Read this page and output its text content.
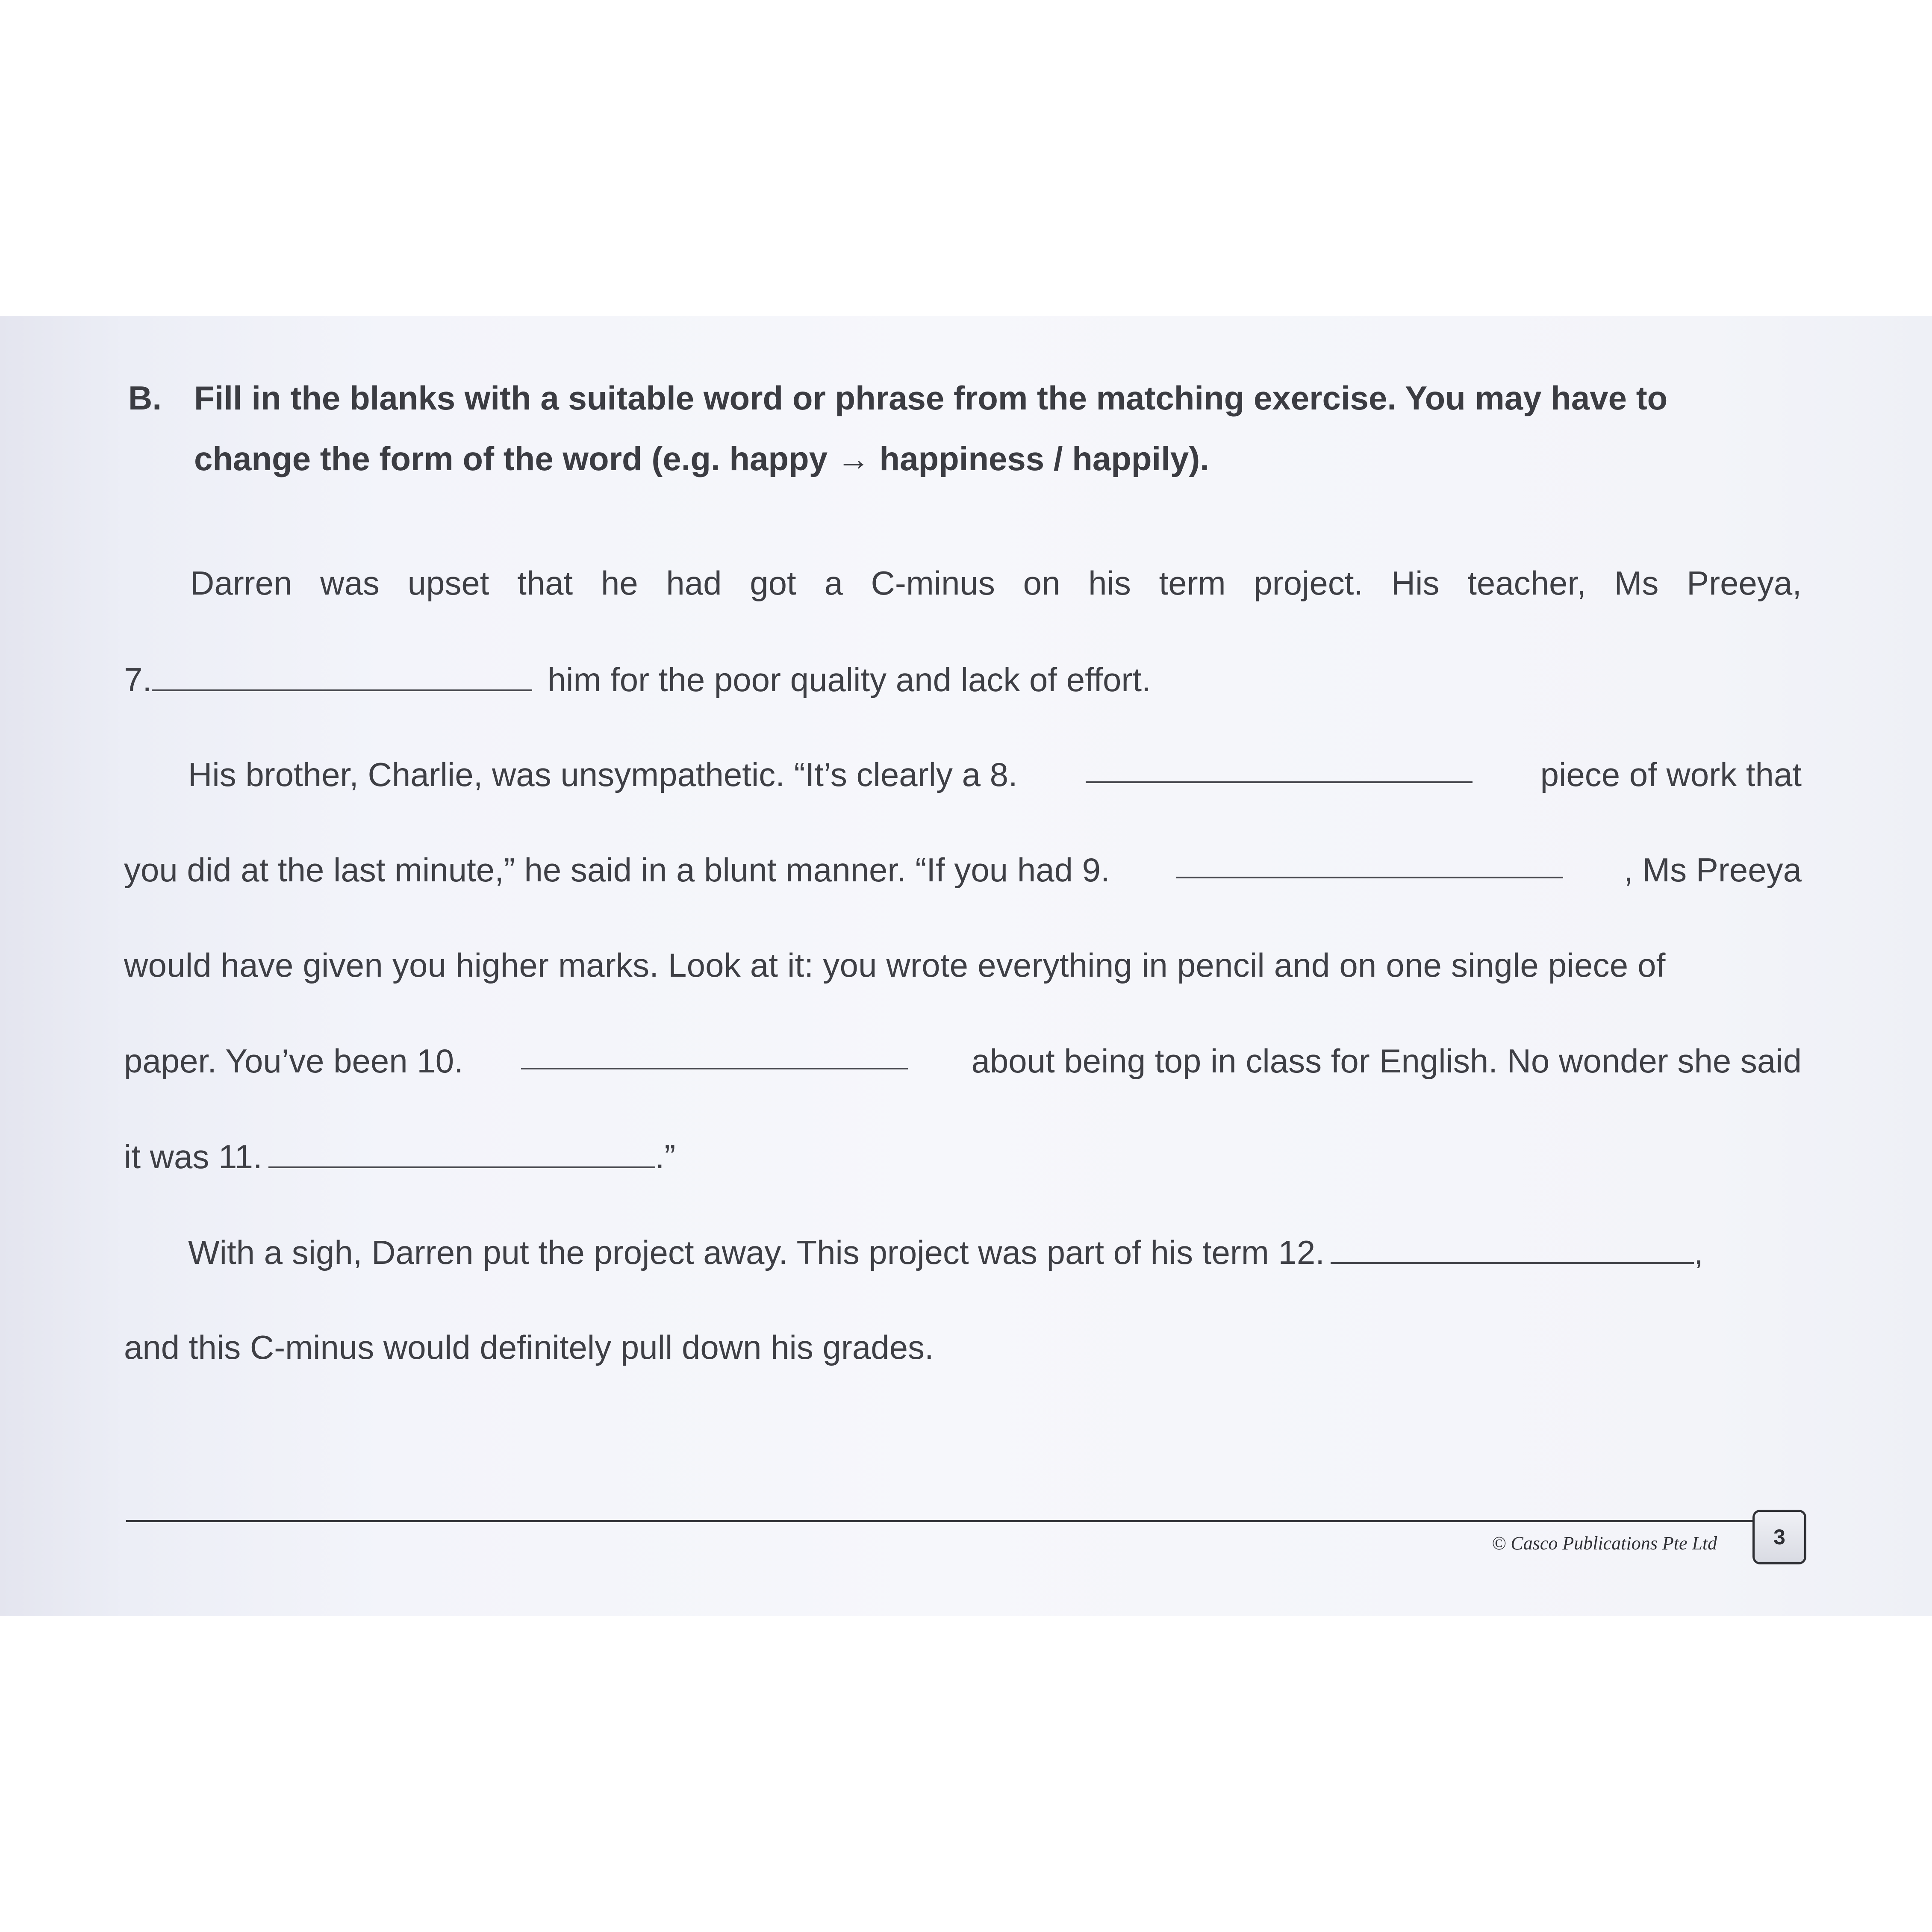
B. Fill in the blanks with a suitable word or phrase from the matching exercise. You may have to
change the form of the word (e.g. happy → happiness / happily).
Darren was upset that he had got a C-minus on his term project. His teacher, Ms Preeya,
7.	him for the poor quality and lack of effort.
His brother, Charlie, was unsympathetic. “It’s clearly a 8.	piece of work that
you did at the last minute,” he said in a blunt manner. “If you had 9.	, Ms Preeya
would have given you higher marks. Look at it: you wrote everything in pencil and on one single piece of
paper. You’ve been 10.	about being top in class for English. No wonder she said
it was 11.	.”
With a sigh, Darren put the project away. This project was part of his term 12.	,
and this C-minus would definitely pull down his grades.
© Casco Publications Pte Ltd	3
